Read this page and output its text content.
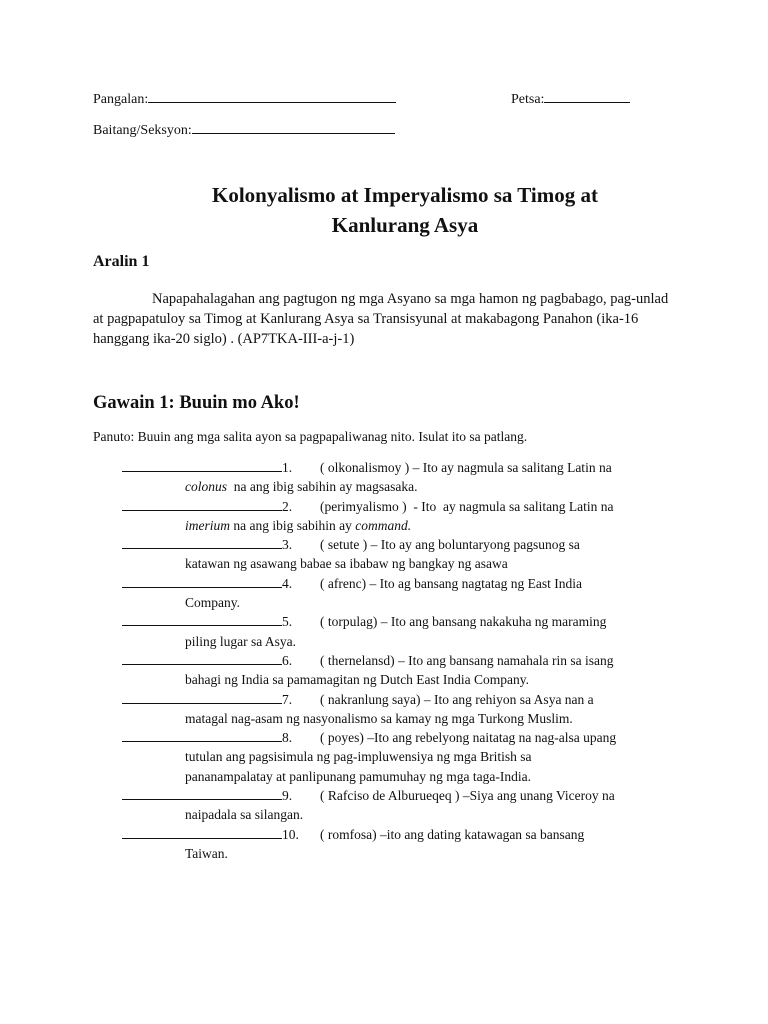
Pangalan:	Petsa:
Baitang/Seksyon:
Kolonyalismo at Imperyalismo sa Timog at
Kanlurang Asya
Aralin 1
Napapahalagahan ang pagtugon ng mga Asyano sa mga hamon ng pagbabago, pag-unlad at pagpapatuloy sa Timog at Kanlurang Asya sa Transisyunal at makabagong Panahon (ika-16 hanggang ika-20 siglo) . (AP7TKA-III-a-j-1)
Gawain 1: Buuin mo Ako!
Panuto: Buuin ang mga salita ayon sa pagpapaliwanag nito. Isulat ito sa patlang.
1. ( olkonalismoy ) – Ito ay nagmula sa salitang Latin na
colonus  na ang ibig sabihin ay magsasaka.
2. (perimyalismo )  - Ito  ay nagmula sa salitang Latin na
imerium na ang ibig sabihin ay command.
3. ( setute ) – Ito ay ang boluntaryong pagsunog sa
katawan ng asawang babae sa ibabaw ng bangkay ng asawa
4. ( afrenc) – Ito ag bansang nagtatag ng East India
Company.
5. ( torpulag) – Ito ang bansang nakakuha ng maraming
piling lugar sa Asya.
6. ( thernelansd) – Ito ang bansang namahala rin sa isang
bahagi ng India sa pamamagitan ng Dutch East India Company.
7. ( nakranlung saya) – Ito ang rehiyon sa Asya nan a
matagal nag-asam ng nasyonalismo sa kamay ng mga Turkong Muslim.
8. ( poyes) –Ito ang rebelyong naitatag na nag-alsa upang
tutulan ang pagsisimula ng pag-impluwensiya ng mga British sa
pananampalatay at panlipunang pamumuhay ng mga taga-India.
9. ( Rafciso de Alburueqeq ) –Siya ang unang Viceroy na
naipadala sa silangan.
10. ( romfosa) –ito ang dating katawagan sa bansang
Taiwan.
